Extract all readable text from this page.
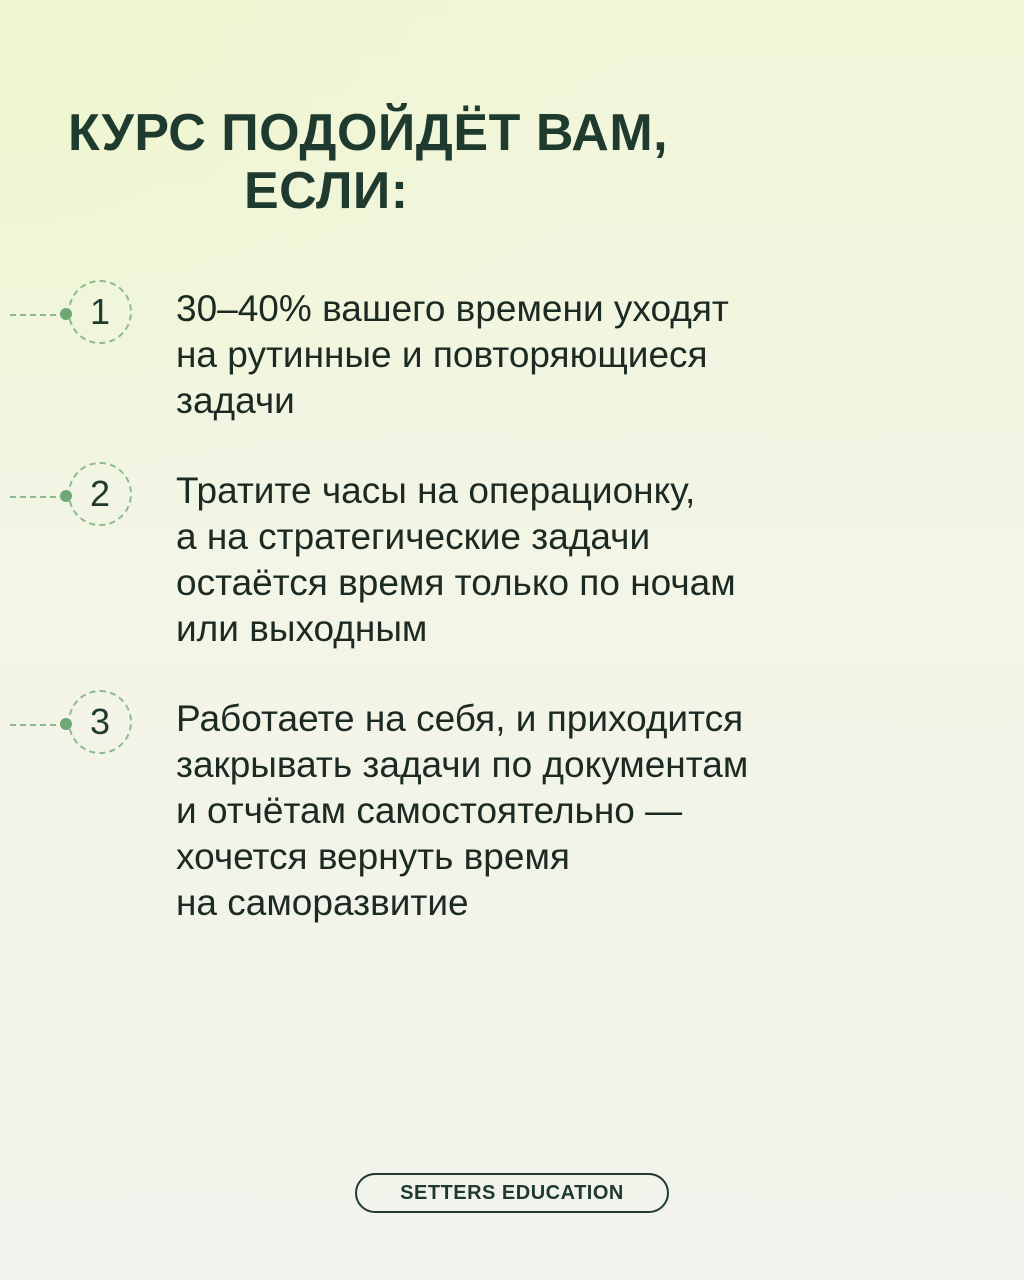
КУРС ПОДОЙДЁТ ВАМ,
ЕСЛИ:
1	30–40% вашего времени уходят
на рутинные и повторяющиеся
задачи

2	Тратите часы на операционку,
а на стратегические задачи
остаётся время только по ночам
или выходным

3	Работаете на себя, и приходится
закрывать задачи по документам
и отчётам самостоятельно —
хочется вернуть время
на саморазвитие

SETTERS EDUCATION
